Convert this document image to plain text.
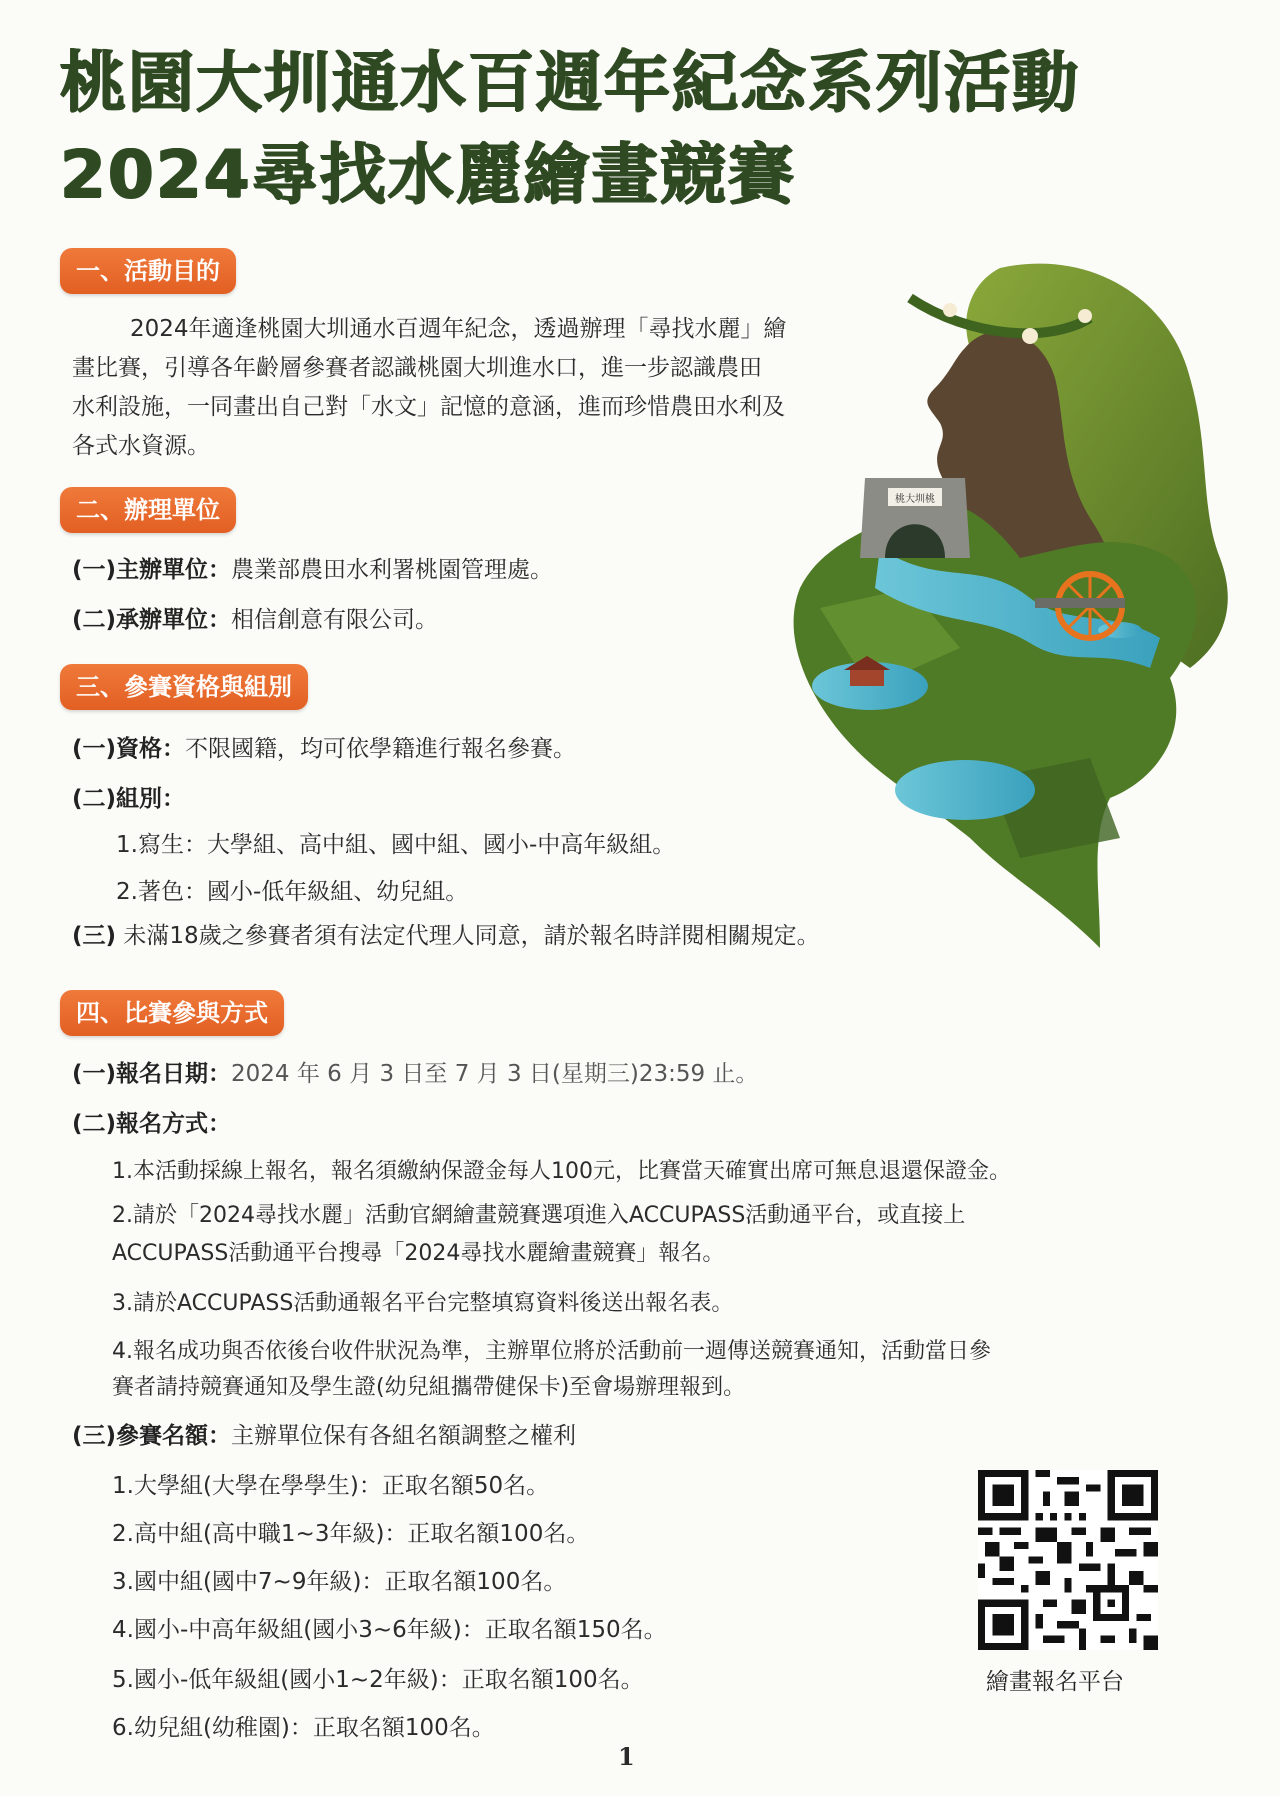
桃園大圳通水百週年紀念系列活動
2024尋找水麗繪畫競賽
一、活動目的

2024年適逢桃園大圳通水百週年紀念，透過辦理「尋找水麗」繪

畫比賽，引導各年齡層參賽者認識桃園大圳進水口，進一步認識農田

水利設施，一同畫出自己對「水文」記憶的意涵，進而珍惜農田水利及

各式水資源。

二、辦理單位
(一)主辦單位：農業部農田水利署桃園管理處。
(二)承辦單位：相信創意有限公司。
三、參賽資格與組別
(一)資格：不限國籍，均可依學籍進行報名參賽。
(二)組別：
1.寫生：大學組、高中組、國中組、國小-中高年級組。
2.著色：國小-低年級組、幼兒組。
(三) 未滿18歲之參賽者須有法定代理人同意，請於報名時詳閱相關規定。
四、比賽參與方式
(一)報名日期：2024 年 6 月 3 日至 7 月 3 日(星期三)23:59 止。
(二)報名方式：
1.本活動採線上報名，報名須繳納保證金每人100元，比賽當天確實出席可無息退還保證金。
2.請於「2024尋找水麗」活動官網繪畫競賽選項進入ACCUPASS活動通平台，或直接上
ACCUPASS活動通平台搜尋「2024尋找水麗繪畫競賽」報名。
3.請於ACCUPASS活動通報名平台完整填寫資料後送出報名表。
4.報名成功與否依後台收件狀況為準，主辦單位將於活動前一週傳送競賽通知，活動當日參
賽者請持競賽通知及學生證(幼兒組攜帶健保卡)至會場辦理報到。
(三)參賽名額：主辦單位保有各組名額調整之權利
1.大學組(大學在學學生)：正取名額50名。
2.高中組(高中職1~3年級)：正取名額100名。
3.國中組(國中7~9年級)：正取名額100名。
4.國小-中高年級組(國小3~6年級)：正取名額150名。
5.國小-低年級組(國小1~2年級)：正取名額100名。
6.幼兒組(幼稚園)：正取名額100名。
桃大圳桃
繪畫報名平台
1
